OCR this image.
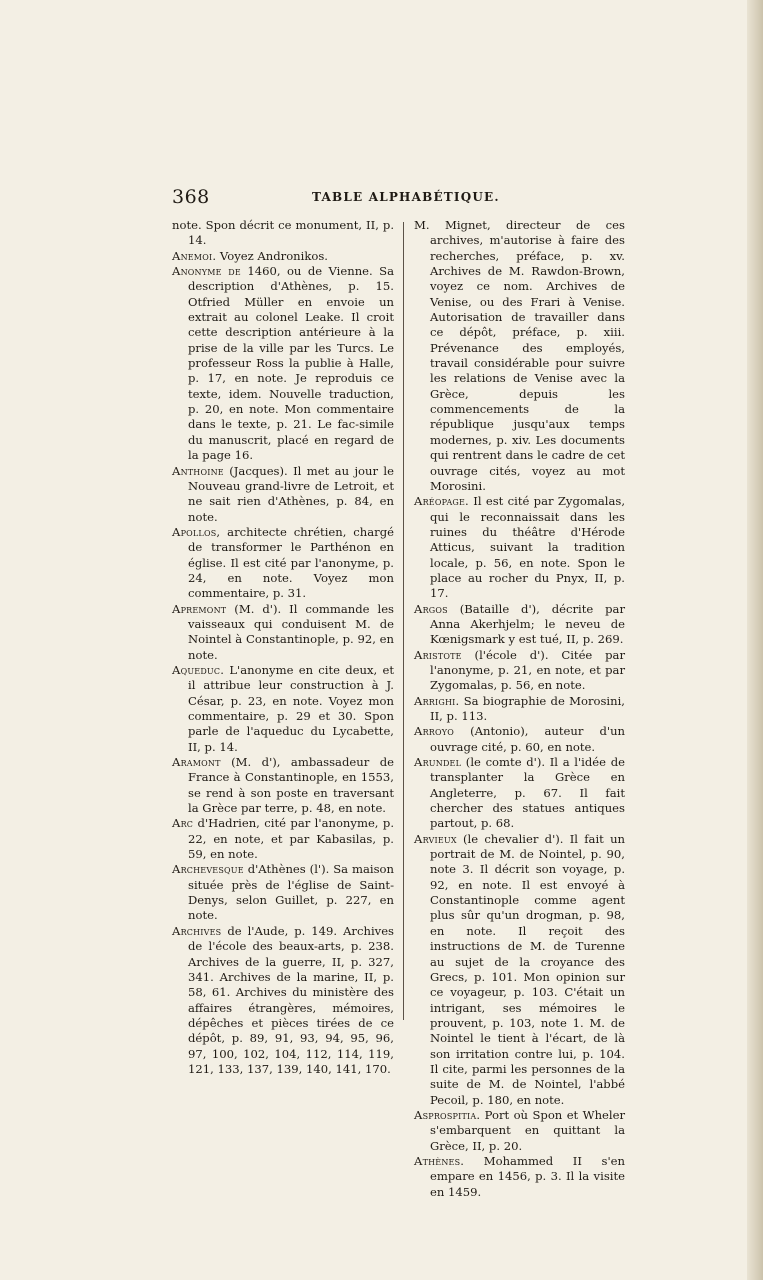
368	TABLE ALPHABÉTIQUE.

note. Spon décrit ce monument, II, p. 14.

Anemoi. Voyez Andronikos.

Anonyme de 1460, ou de Vienne. Sa description d'Athènes, p. 15. Otfried Müller en envoie un extrait au colonel Leake. Il croit cette description antérieure à la prise de la ville par les Turcs. Le professeur Ross la publie à Halle, p. 17, en note. Je reproduis ce texte, idem. Nouvelle traduction, p. 20, en note. Mon commentaire dans le texte, p. 21. Le fac-simile du manuscrit, placé en regard de la page 16.

Anthoine (Jacques). Il met au jour le Nouveau grand-livre de Letroit, et ne sait rien d'Athènes, p. 84, en note.

Apollos, architecte chrétien, chargé de transformer le Parthénon en église. Il est cité par l'anonyme, p. 24, en note. Voyez mon commentaire, p. 31.

Apremont (M. d'). Il commande les vaisseaux qui conduisent M. de Nointel à Constantinople, p. 92, en note.

Aqueduc. L'anonyme en cite deux, et il attribue leur construction à J. César, p. 23, en note. Voyez mon commentaire, p. 29 et 30. Spon parle de l'aqueduc du Lycabette, II, p. 14.

Aramont (M. d'), ambassadeur de France à Constantinople, en 1553, se rend à son poste en traversant la Grèce par terre, p. 48, en note.

Arc d'Hadrien, cité par l'anonyme, p. 22, en note, et par Kabasilas, p. 59, en note.

Archevesque d'Athènes (l'). Sa maison située près de l'église de Saint-Denys, selon Guillet, p. 227, en note.

Archives de l'Aude, p. 149. Archives de l'école des beaux-arts, p. 238. Archives de la guerre, II, p. 327, 341. Archives de la marine, II, p. 58, 61. Archives du ministère des affaires étrangères, mémoires, dépêches et pièces tirées de ce dépôt, p. 89, 91, 93, 94, 95, 96, 97, 100, 102, 104, 112, 114, 119, 121, 133, 137, 139, 140, 141, 170.

M. Mignet, directeur de ces archives, m'autorise à faire des recherches, préface, p. xv. Archives de M. Rawdon-Brown, voyez ce nom. Archives de Venise, ou des Frari à Venise. Autorisation de travailler dans ce dépôt, préface, p. xiii. Prévenance des employés, travail considérable pour suivre les relations de Venise avec la Grèce, depuis les commencements de la république jusqu'aux temps modernes, p. xiv. Les documents qui rentrent dans le cadre de cet ouvrage cités, voyez au mot Morosini.

Aréopage. Il est cité par Zygomalas, qui le reconnaissait dans les ruines du théâtre d'Hérode Atticus, suivant la tradition locale, p. 56, en note. Spon le place au rocher du Pnyx, II, p. 17.

Argos (Bataille d'), décrite par Anna Akerhjelm; le neveu de Kœnigsmark y est tué, II, p. 269.

Aristote (l'école d'). Citée par l'anonyme, p. 21, en note, et par Zygomalas, p. 56, en note.

Arrighi. Sa biographie de Morosini, II, p. 113.

Arroyo (Antonio), auteur d'un ouvrage cité, p. 60, en note.

Arundel (le comte d'). Il a l'idée de transplanter la Grèce en Angleterre, p. 67. Il fait chercher des statues antiques partout, p. 68.

Arvieux (le chevalier d'). Il fait un portrait de M. de Nointel, p. 90, note 3. Il décrit son voyage, p. 92, en note. Il est envoyé à Constantinople comme agent plus sûr qu'un drogman, p. 98, en note. Il reçoit des instructions de M. de Turenne au sujet de la croyance des Grecs, p. 101. Mon opinion sur ce voyageur, p. 103. C'était un intrigant, ses mémoires le prouvent, p. 103, note 1. M. de Nointel le tient à l'écart, de là son irritation contre lui, p. 104. Il cite, parmi les personnes de la suite de M. de Nointel, l'abbé Pecoil, p. 180, en note.

Asprospitia. Port où Spon et Wheler s'embarquent en quittant la Grèce, II, p. 20.

Athènes. Mohammed II s'en empare en 1456, p. 3. Il la visite en 1459.
